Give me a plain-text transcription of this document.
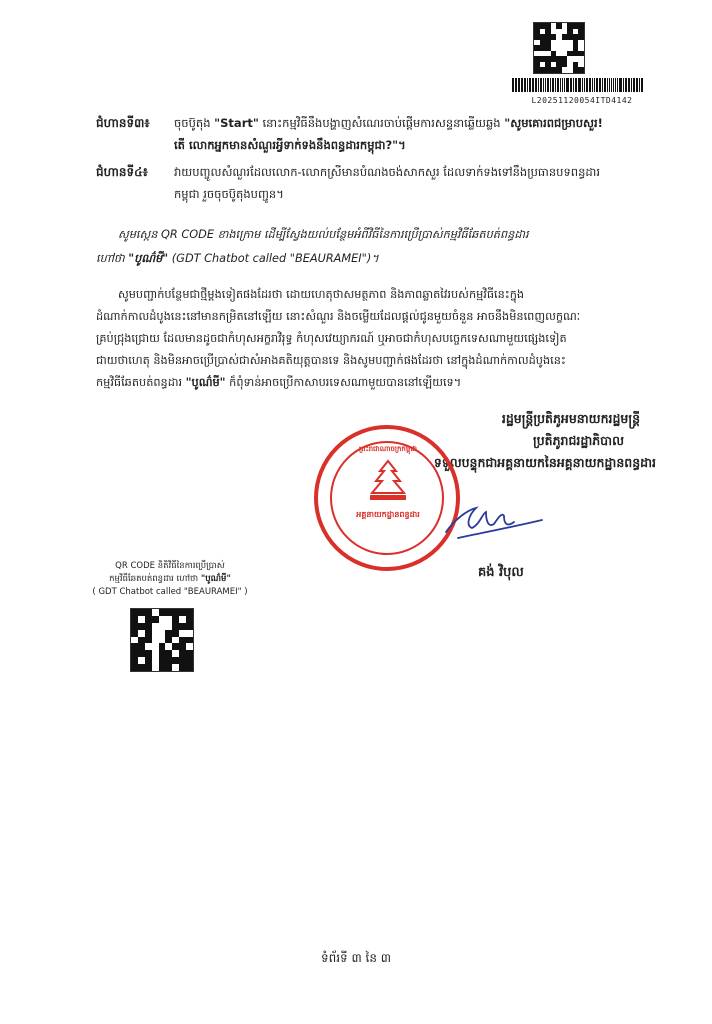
L20251120054ITD4142
ជំហានទី៣៖ ចុចប៊ូតុង "Start" នោះកម្មវិធីនឹងបង្ហាញសំណេរចាប់ផ្តើមការសន្ទនាឆ្លើយឆ្លង "សូមគោរពជម្រាបសួរ!
តើ លោកអ្នកមានសំណួរអ្វីទាក់ទងនឹងពន្ធដារកម្ពុជា?"។
ជំហានទី៤៖ វាយបញ្ចូលសំណួរដែលលោក-លោកស្រីមានបំណងចង់សាកសួរ ដែលទាក់ទងទៅនឹងប្រធានបទពន្ធដារ
កម្ពុជា រួចចុចប៊ូតុងបញ្ជូន។
សូមស្កេន QR CODE ខាងក្រោម ដើម្បីស្វែងយល់បន្ថែមអំពីវិធីនៃការប្រើប្រាស់កម្មវិធីឆែតបត់ពន្ធដារ
ហៅថា "បូណ៌មី" (GDT Chatbot called "BEAURAMEI")។
សូមបញ្ជាក់បន្ថែមជាថ្មីម្តងទៀតផងដែរថា ដោយហេតុថាសមត្ថភាព និងភាពឆ្លាតវៃរបស់កម្មវិធីនេះក្នុង
ដំណាក់កាលដំបូងនេះនៅមានកម្រិតនៅឡើយ នោះសំណួរ និងចម្លើយដែលផ្តល់ជូនមួយចំនួន អាចនឹងមិនពេញលក្ខណៈ
គ្រប់ជ្រុងជ្រោយ ដែលមានដូចជាកំហុសអក្ខរាវិរុទ្ធ កំហុសវេយ្យាករណ៍ ឬអាចជាកំហុសបច្ចេកទេសណាមួយផ្សេងទៀត
ជាយថាហេតុ និងមិនអាចប្រើប្រាស់ជាសំអាងគតិយុត្តបានទេ និងសូមបញ្ជាក់ផងដែរថា នៅក្នុងដំណាក់កាលដំបូងនេះ
កម្មវិធីឆែតបត់ពន្ធដារ "បូណ៌មី" ក៏ពុំទាន់អាចប្រើកាសាបរទេសណាមួយបាននៅឡើយទេ។
រដ្ឋមន្ត្រីប្រតិភូអមនាយករដ្ឋមន្ត្រី
ប្រតិភូរាជរដ្ឋាភិបាល
ទទួលបន្ទុកជាអគ្គនាយកនៃអគ្គនាយកដ្ឋានពន្ធដារ
ព្រះរាជាណាចក្រកម្ពុជា
អគ្គនាយកដ្ឋានពន្ធដារ
គង់ វិបុល
QR CODE និតិវិធីនៃការប្រើប្រាស់
កម្មវិធីឆែតបត់ពន្ធដារ ហៅថា "បូណ៌មី"
( GDT Chatbot called "BEAURAMEI" )
ទំព័រទី ៣ នៃ ៣
